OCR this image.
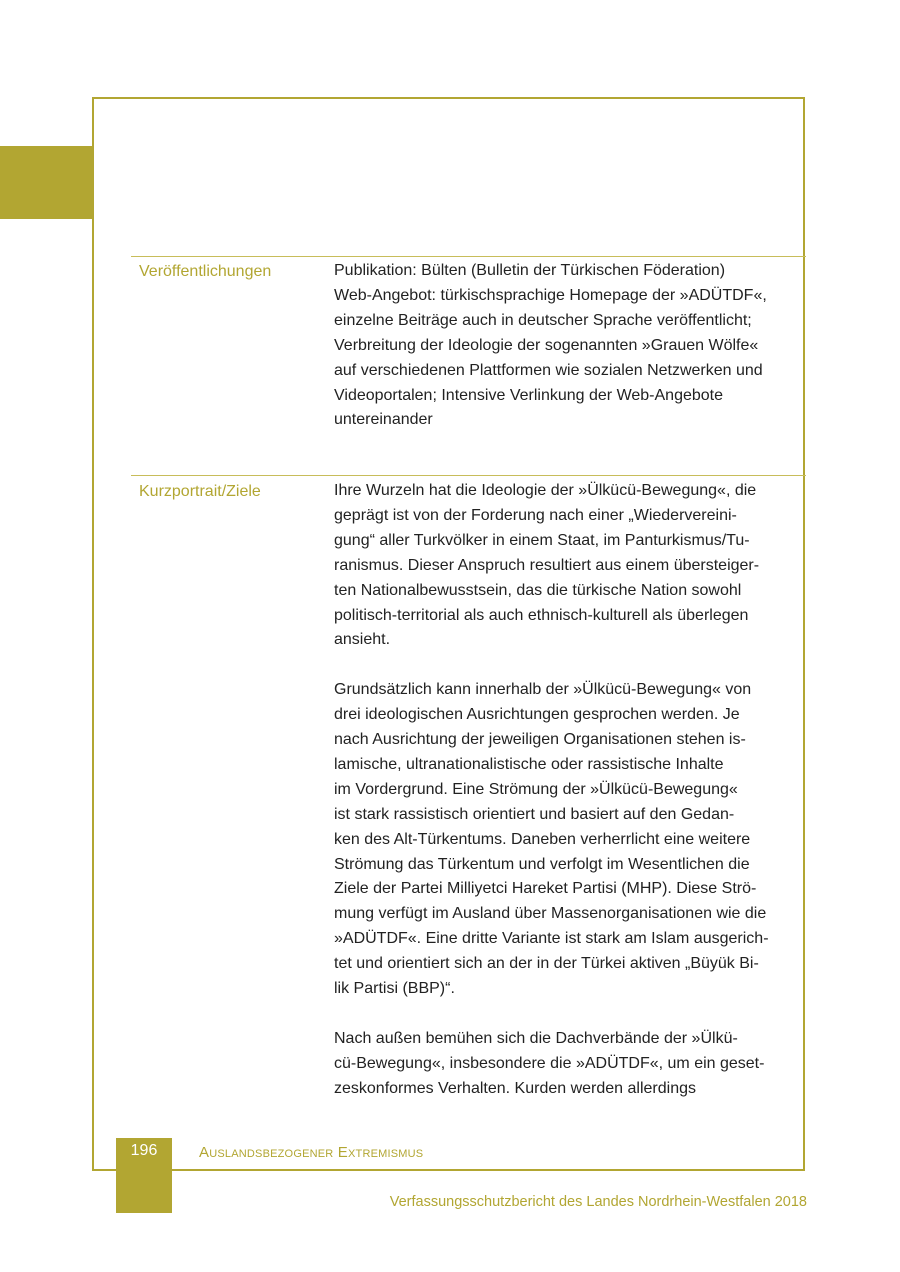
Veröffentlichungen	Publikation: Bülten (Bulletin der Türkischen Föderation)
Web-Angebot: türkischsprachige Homepage der »ADÜTDF«,
einzelne Beiträge auch in deutscher Sprache veröffentlicht;
Verbreitung der Ideologie der sogenannten »Grauen Wölfe«
auf verschiedenen Plattformen wie sozialen Netzwerken und
Videoportalen; Intensive Verlinkung der Web-Angebote
untereinander
Kurzportrait/Ziele	Ihre Wurzeln hat die Ideologie der »Ülkücü-Bewegung«, die
geprägt ist von der Forderung nach einer „Wiedervereini-
gung“ aller Turkvölker in einem Staat, im Panturkismus/Tu-
ranismus. Dieser Anspruch resultiert aus einem übersteiger-
ten Nationalbewusstsein, das die türkische Nation sowohl
politisch-territorial als auch ethnisch-kulturell als überlegen
ansieht.
Grundsätzlich kann innerhalb der »Ülkücü-Bewegung« von
drei ideologischen Ausrichtungen gesprochen werden. Je
nach Ausrichtung der jeweiligen Organisationen stehen is-
lamische, ultranationalistische oder rassistische Inhalte
im Vordergrund. Eine Strömung der »Ülkücü-Bewegung«
ist stark rassistisch orientiert und basiert auf den Gedan-
ken des Alt-Türkentums. Daneben verherrlicht eine weitere
Strömung das Türkentum und verfolgt im Wesentlichen die
Ziele der Partei Milliyetci Hareket Partisi (MHP). Diese Strö-
mung verfügt im Ausland über Massenorganisationen wie die
»ADÜTDF«. Eine dritte Variante ist stark am Islam ausgerich-
tet und orientiert sich an der in der Türkei aktiven „Büyük Bi-
lik Partisi (BBP)“.
Nach außen bemühen sich die Dachverbände der »Ülkü-
cü-Bewegung«, insbesondere die »ADÜTDF«, um ein geset-
zeskonformes Verhalten. Kurden werden allerdings
196	Auslandsbezogener Extremismus
Verfassungsschutzbericht des Landes Nordrhein-Westfalen 2018
